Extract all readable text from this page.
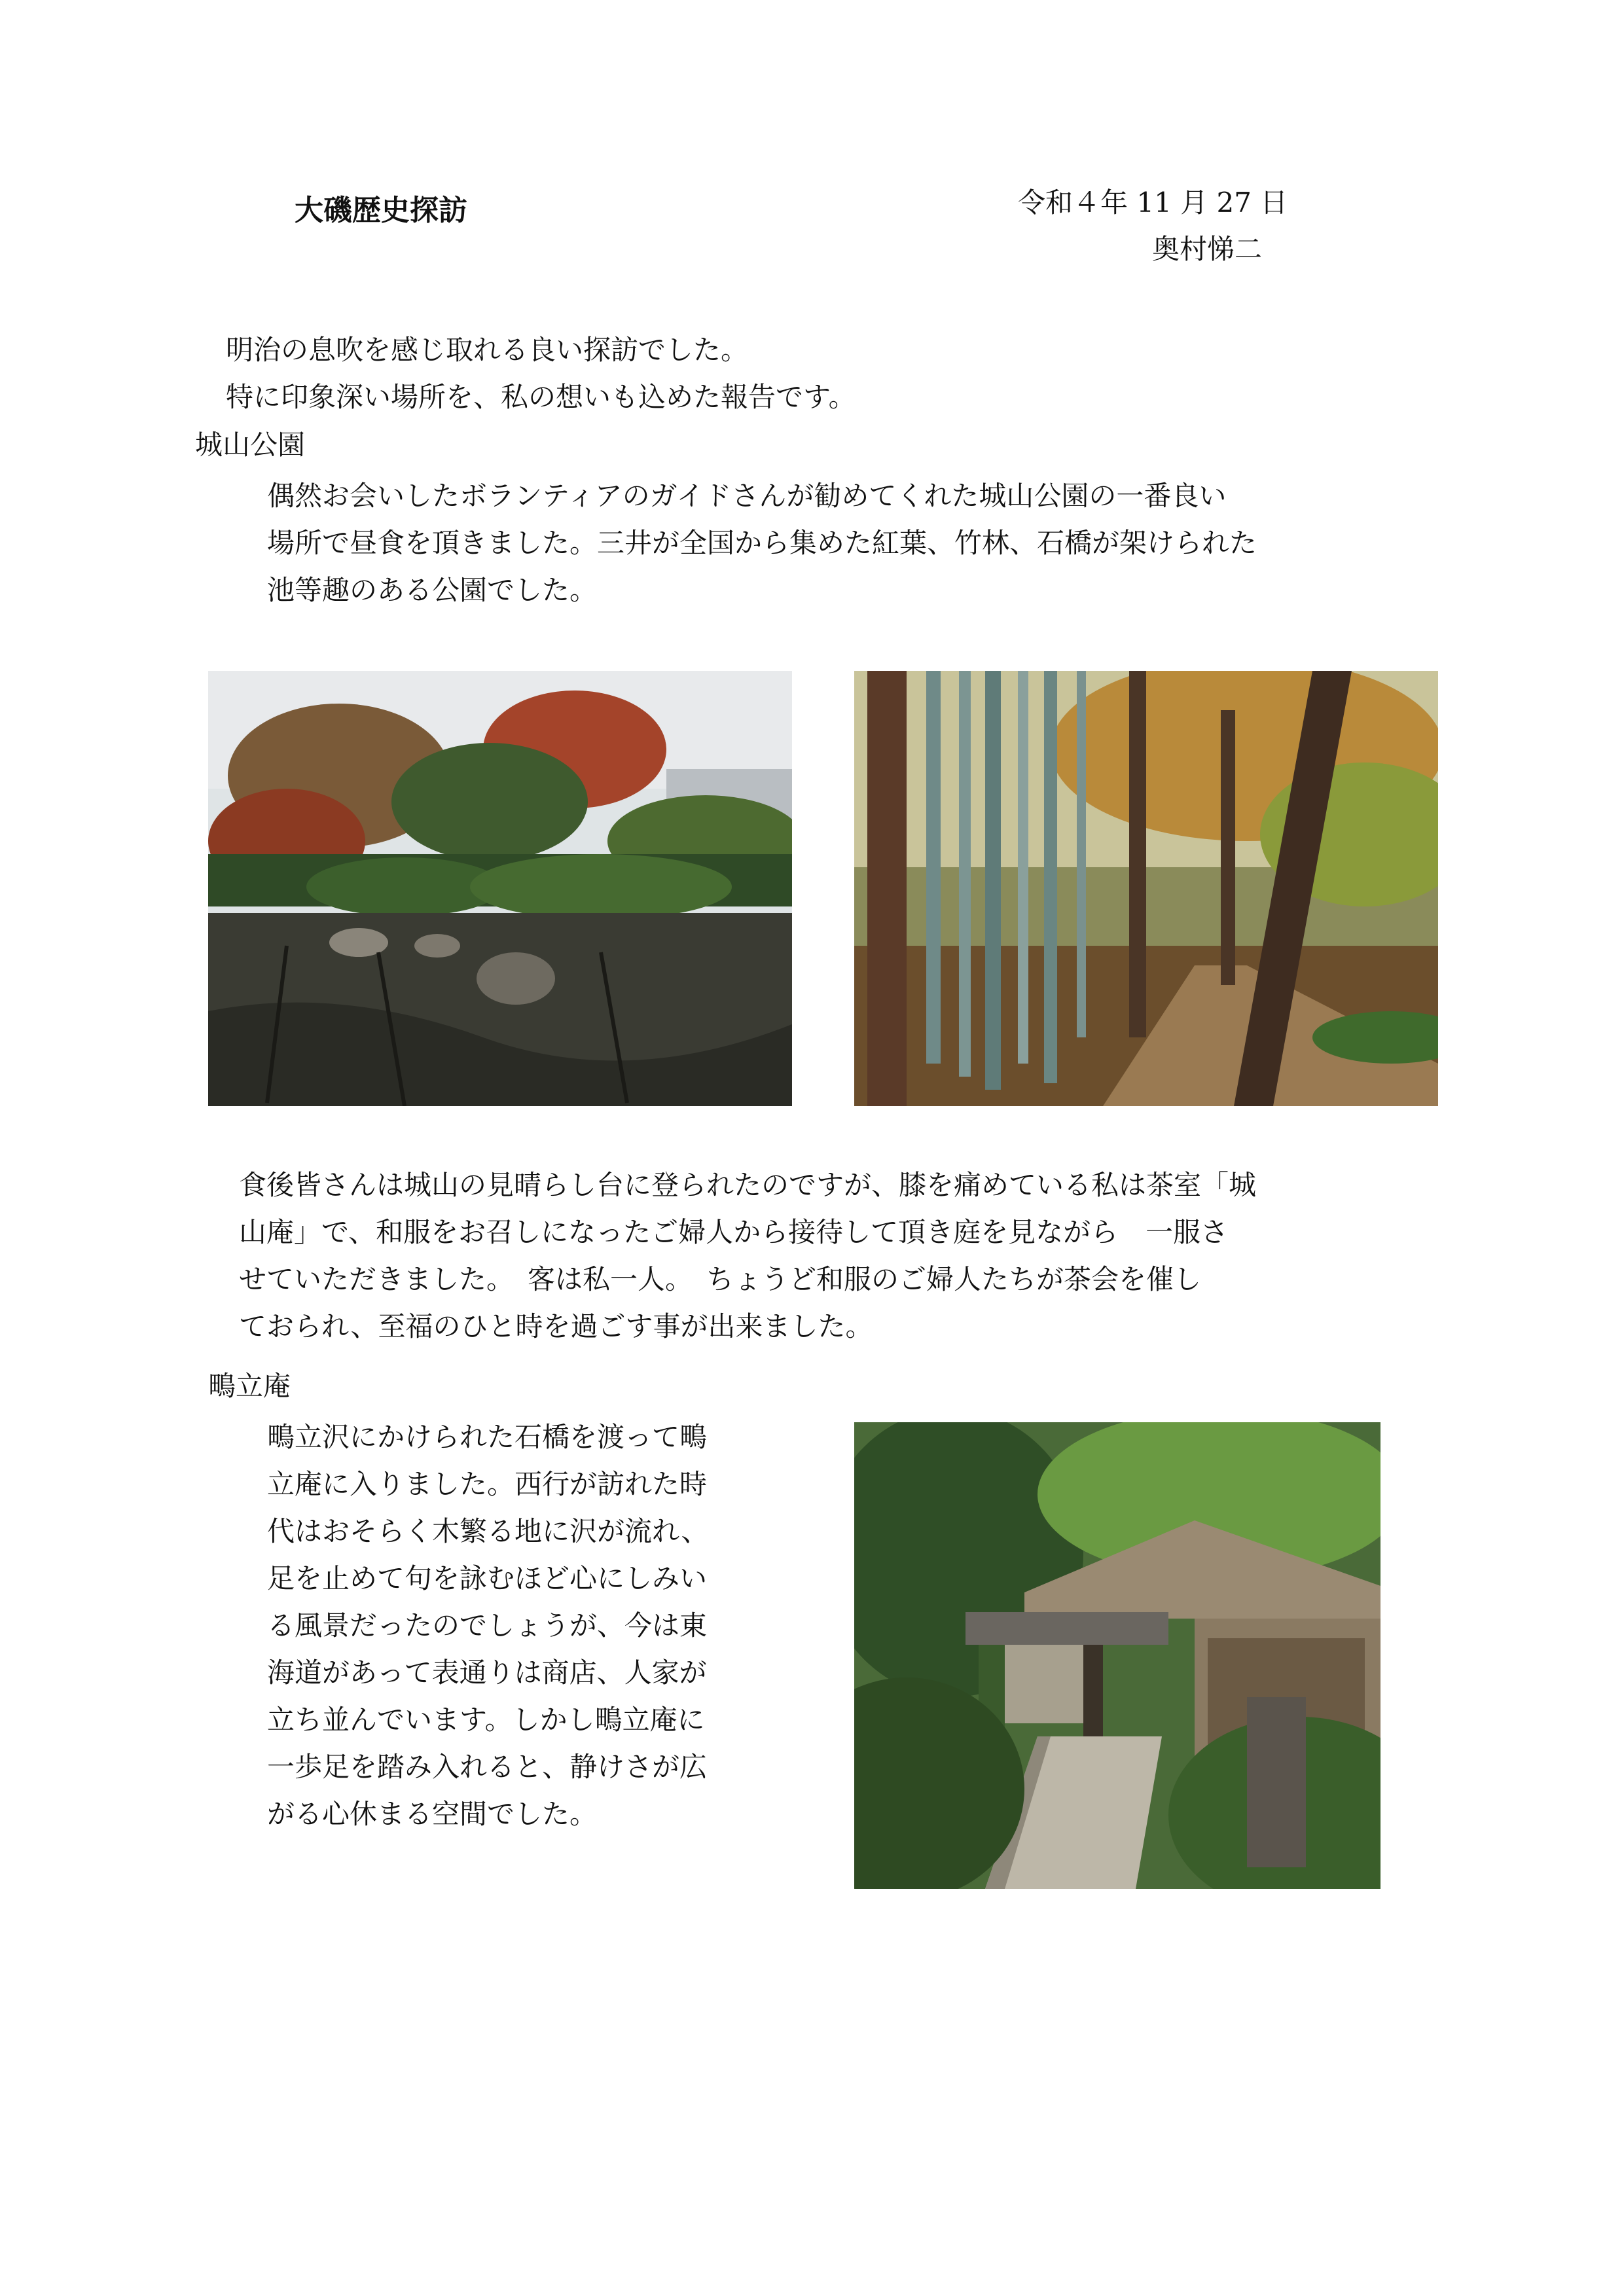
大磯歴史探訪	令和４年 11 月 27 日
奥村悌二
明治の息吹を感じ取れる良い探訪でした。
特に印象深い場所を、私の想いも込めた報告です。
城山公園
偶然お会いしたボランティアのガイドさんが勧めてくれた城山公園の一番良い
場所で昼食を頂きました。三井が全国から集めた紅葉、竹林、石橋が架けられた
池等趣のある公園でした。
食後皆さんは城山の見晴らし台に登られたのですが、膝を痛めている私は茶室「城
山庵」で、和服をお召しになったご婦人から接待して頂き庭を見ながら　一服さ
せていただきました。　客は私一人。　ちょうど和服のご婦人たちが茶会を催し
ておられ、至福のひと時を過ごす事が出来ました。
鴫立庵
鴫立沢にかけられた石橋を渡って鴫
立庵に入りました。西行が訪れた時
代はおそらく木繁る地に沢が流れ、
足を止めて句を詠むほど心にしみい
る風景だったのでしょうが、今は東
海道があって表通りは商店、人家が
立ち並んでいます。しかし鴫立庵に
一歩足を踏み入れると、静けさが広
がる心休まる空間でした。
